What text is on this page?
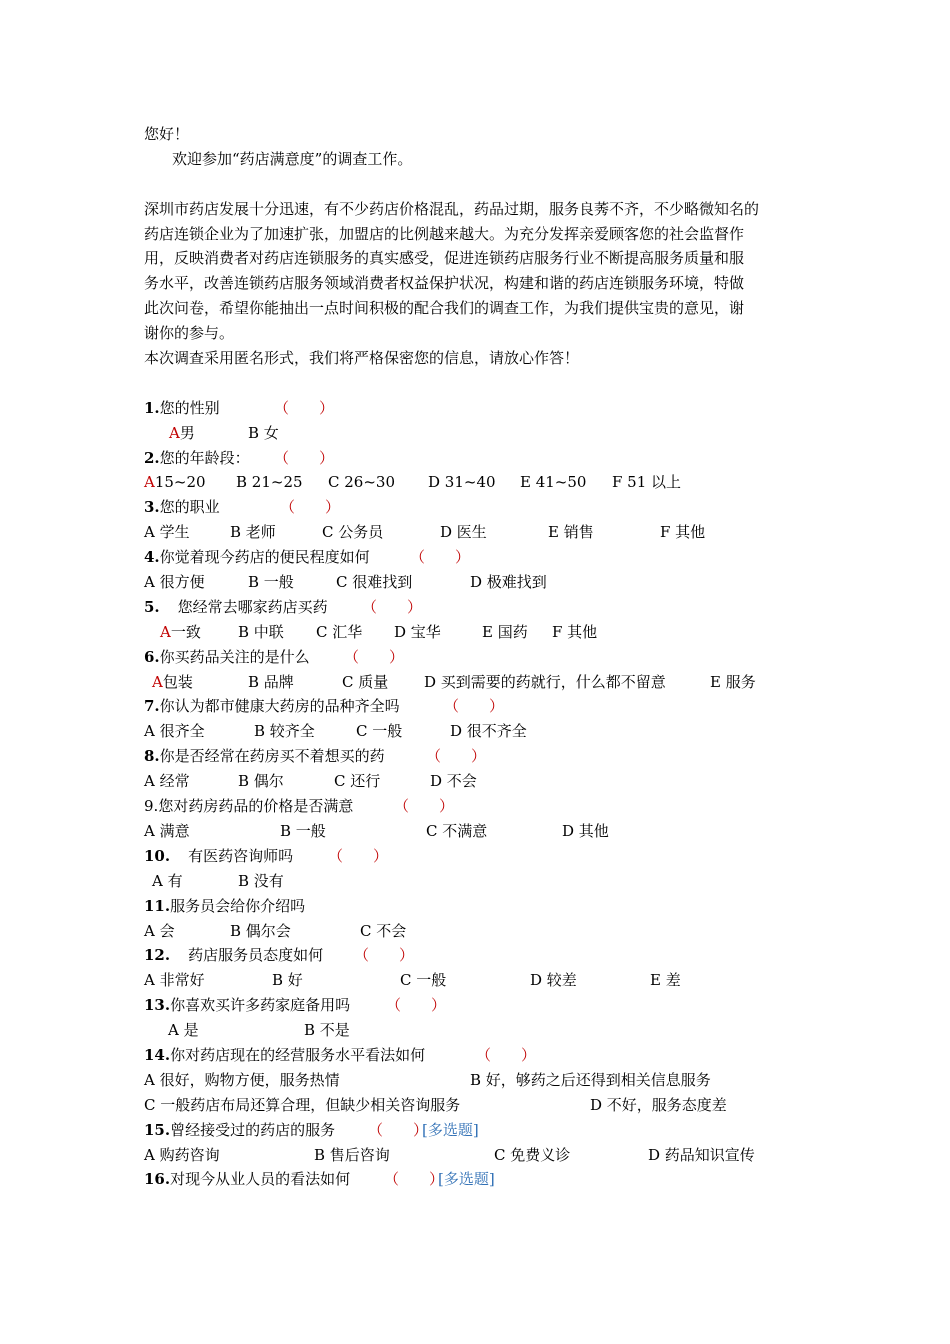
您好！
欢迎参加“药店满意度”的调查工作。
深圳市药店发展十分迅速，有不少药店价格混乱，药品过期，服务良莠不齐，不少略微知名的
药店连锁企业为了加速扩张，加盟店的比例越来越大。为充分发挥亲爱顾客您的社会监督作
用，反映消费者对药店连锁服务的真实感受，促进连锁药店服务行业不断提高服务质量和服
务水平，改善连锁药店服务领域消费者权益保护状况，构建和谐的药店连锁服务环境，特做
此次问卷，希望你能抽出一点时间积极的配合我们的调查工作，为我们提供宝贵的意见，谢
谢你的参与。
本次调查采用匿名形式，我们将严格保密您的信息，请放心作答！
1.您的性别	（　　）
A男	B 女
2.您的年龄段： （　　）
A15~20 B 21~25 C 26~30 D 31~40 E 41~50 F 51 以上
3.您的职业	（　　）
A 学生	B 老师	C 公务员	D 医生	E 销售	F 其他
4.你觉着现今药店的便民程度如何	（　　）
A 很方便	B 一般	C 很难找到	D 极难找到
5. 您经常去哪家药店买药 （　　）
A一致 B 中联 C 汇华 D 宝华	E 国药 F 其他
6.你买药品关注的是什么 （　　）
A包装	B 品牌	C 质量 D 买到需要的药就行，什么都不留意	E 服务
7.你认为都市健康大药房的品种齐全吗	（　　）
A 很齐全	B 较齐全	C 一般	D 很不齐全
8.你是否经常在药房买不着想买的药	（　　）
A 经常	B 偶尔	C 还行	D 不会
9.您对药房药品的价格是否满意	（　　）
A 满意	B 一般	C 不满意	D 其他
10. 有医药咨询师吗 （　　）
A 有	B 没有
11.服务员会给你介绍吗
A 会	B 偶尔会	C 不会
12. 药店服务员态度如何 （　　）
A 非常好	B 好	C 一般	D 较差	E 差
13.你喜欢买许多药家庭备用吗 （　　）
A 是	B 不是
14.你对药店现在的经营服务水平看法如何	（　　）
A 很好，购物方便，服务热情	B 好，够药之后还得到相关信息服务
C 一般药店布局还算合理，但缺少相关咨询服务	D 不好，服务态度差
15.曾经接受过的药店的服务 （　　）
[多选题]
A 购药咨询	B 售后咨询	C 免费义诊	D 药品知识宣传
16.对现今从业人员的看法如何 （　　）
[多选题]
